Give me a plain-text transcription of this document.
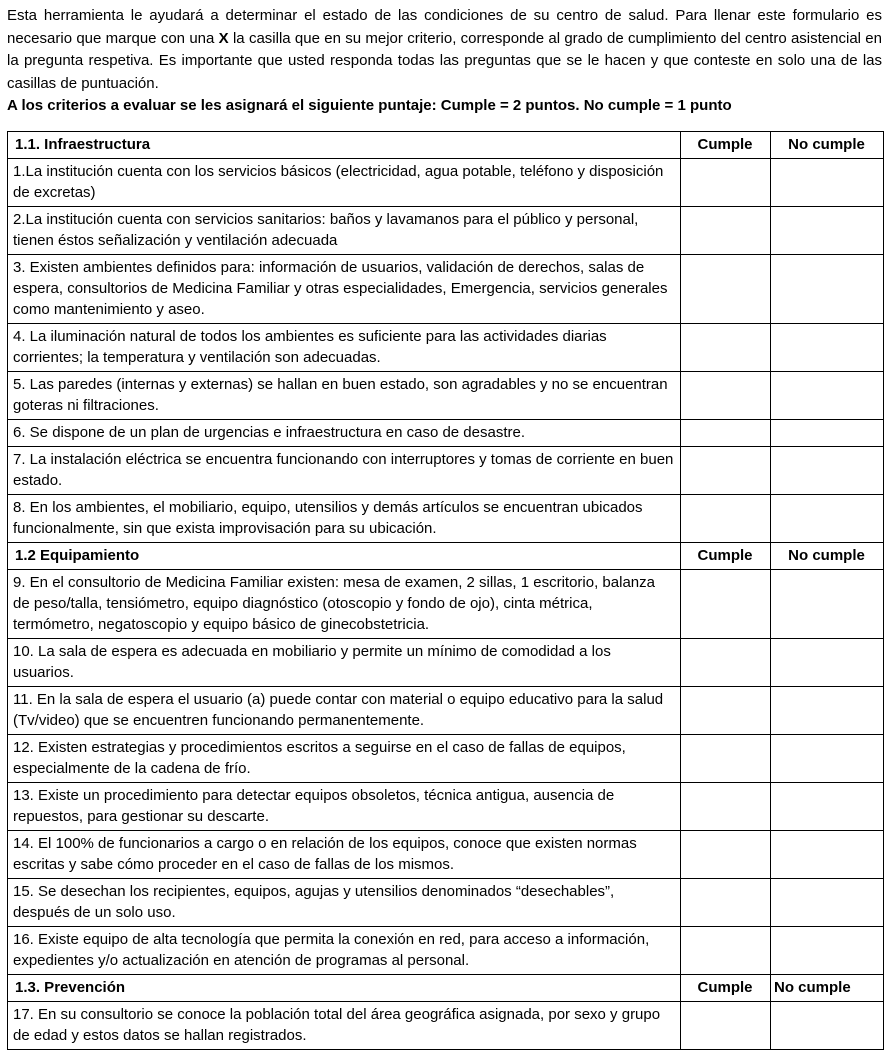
Esta herramienta le ayudará a determinar el estado de las condiciones de su centro de salud. Para llenar este formulario es necesario que marque con una X la casilla que en su mejor criterio, corresponde al grado de cumplimiento del centro asistencial en la pregunta respetiva. Es importante que usted responda todas las preguntas que se le hacen y que conteste en solo una de las casillas de puntuación.

A los criterios a evaluar se les asignará el siguiente puntaje: Cumple = 2 puntos. No cumple = 1 punto

1.1. Infraestructura	Cumple	No cumple
1.La institución cuenta con los servicios básicos (electricidad, agua potable, teléfono y disposición de excretas)		
2.La institución cuenta con servicios sanitarios: baños y lavamanos para el público y personal, tienen éstos señalización y ventilación adecuada		
3. Existen ambientes definidos para: información de usuarios, validación de derechos, salas de espera, consultorios de Medicina Familiar y otras especialidades, Emergencia, servicios generales como mantenimiento y aseo.		
4. La iluminación natural de todos los ambientes es suficiente para las actividades diarias corrientes; la temperatura y ventilación son adecuadas.		
5. Las paredes (internas y externas) se hallan en buen estado, son agradables y no se encuentran goteras ni filtraciones.		
6. Se dispone de un plan de urgencias e infraestructura en caso de desastre.		
7. La instalación eléctrica se encuentra funcionando con interruptores y tomas de corriente en buen estado.		
8. En los ambientes, el mobiliario, equipo, utensilios y demás artículos se encuentran ubicados funcionalmente, sin que exista improvisación para su ubicación.		
1.2 Equipamiento	Cumple	No cumple
9. En el consultorio de Medicina Familiar existen: mesa de examen, 2 sillas, 1 escritorio, balanza de peso/talla, tensiómetro, equipo diagnóstico (otoscopio y fondo de ojo), cinta métrica, termómetro, negatoscopio y equipo básico de ginecobstetricia.		
10. La sala de espera es adecuada en mobiliario y permite un mínimo de comodidad a los usuarios.		
11. En la sala de espera el usuario (a) puede contar con material o equipo educativo para la salud (Tv/video) que se encuentren funcionando permanentemente.		
12. Existen estrategias y procedimientos escritos a seguirse en el caso de fallas de equipos, especialmente de la cadena de frío.		
13. Existe un procedimiento para detectar equipos obsoletos, técnica antigua, ausencia de repuestos, para gestionar su descarte.		
14. El 100% de funcionarios a cargo o en relación de los equipos, conoce que existen normas escritas y sabe cómo proceder en el caso de fallas de los mismos.		
15. Se desechan los recipientes, equipos, agujas y utensilios denominados “desechables”, después de un solo uso.		
16. Existe equipo de alta tecnología que permita la conexión en red, para acceso a información, expedientes y/o actualización en atención de programas al personal.		
1.3. Prevención	Cumple	No cumple
17. En su consultorio se conoce la población total del área geográfica asignada, por sexo y grupo de edad y estos datos se hallan registrados.		
